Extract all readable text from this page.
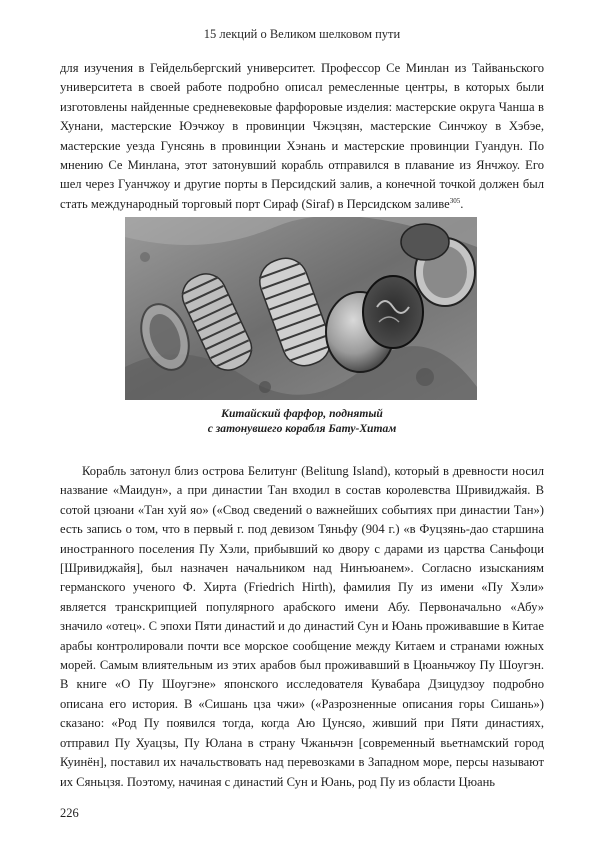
15 лекций о Великом шелковом пути

для изучения в Гейдельбергский университет. Профессор Се Минлан из Тайваньского университета в своей работе подробно описал ремесленные центры, в которых были изготовлены найденные средневековые фарфоровые изделия: мастерские округа Чанша в Хунани, мастерские Юэчжоу в провинции Чжэцзян, мастерские Синчжоу в Хэбэе, мастерские уезда Гунсянь в провинции Хэнань и мастерские провинции Гуандун. По мнению Се Минлана, этот затонувший корабль отправился в плавание из Янчжоу. Его шел через Гуанчжоу и другие порты в Персидский залив, а конечной точкой должен был стать международный торговый порт Сираф (Siraf) в Персидском заливе$^{305}$.

Китайский фарфор, поднятый
с затонувшего корабля Бату-Хитам

Корабль затонул близ острова Белитунг (Belitung Island), который в древности носил название «Маидун», а при династии Тан входил в состав королевства Шривиджайя. В сотой цзюани «Тан хуй яо» («Свод сведений о важнейших событиях при династии Тан») есть запись о том, что в первый г. под девизом Тяньфу (904 г.) «в Фуцзянь-дао старшина иностранного поселения Пу Хэли, прибывший ко двору с дарами из царства Саньфоци [Шривиджайя], был назначен начальником над Нинъюанем». Согласно изысканиям германского ученого Ф. Хирта (Friedrich Hirth), фамилия Пу из имени «Пу Хэли» является транскрипцией популярного арабского имени Абу. Первоначально «Абу» значило «отец». С эпохи Пяти династий и до династий Сун и Юань проживавшие в Китае арабы контролировали почти все морское сообщение между Китаем и странами южных морей. Самым влиятельным из этих арабов был проживавший в Цюаньчжоу Пу Шоугэн. В книге «О Пу Шоугэне» японского исследователя Кувабара Дзицудзоу подробно описана его история. В «Сишань цза чжи» («Разрозненные описания горы Сишань») сказано: «Род Пу появился тогда, когда Аю Цунсяо, живший при Пяти династиях, отправил Пу Хуацзы, Пу Юлана в страну Чжаньчэн [современный вьетнамский город Куинён], поставил их начальствовать над перевозками в Западном море, персы называют их Сяньцзя. Поэтому, начиная с династий Сун и Юань, род Пу из области Цюань

226
